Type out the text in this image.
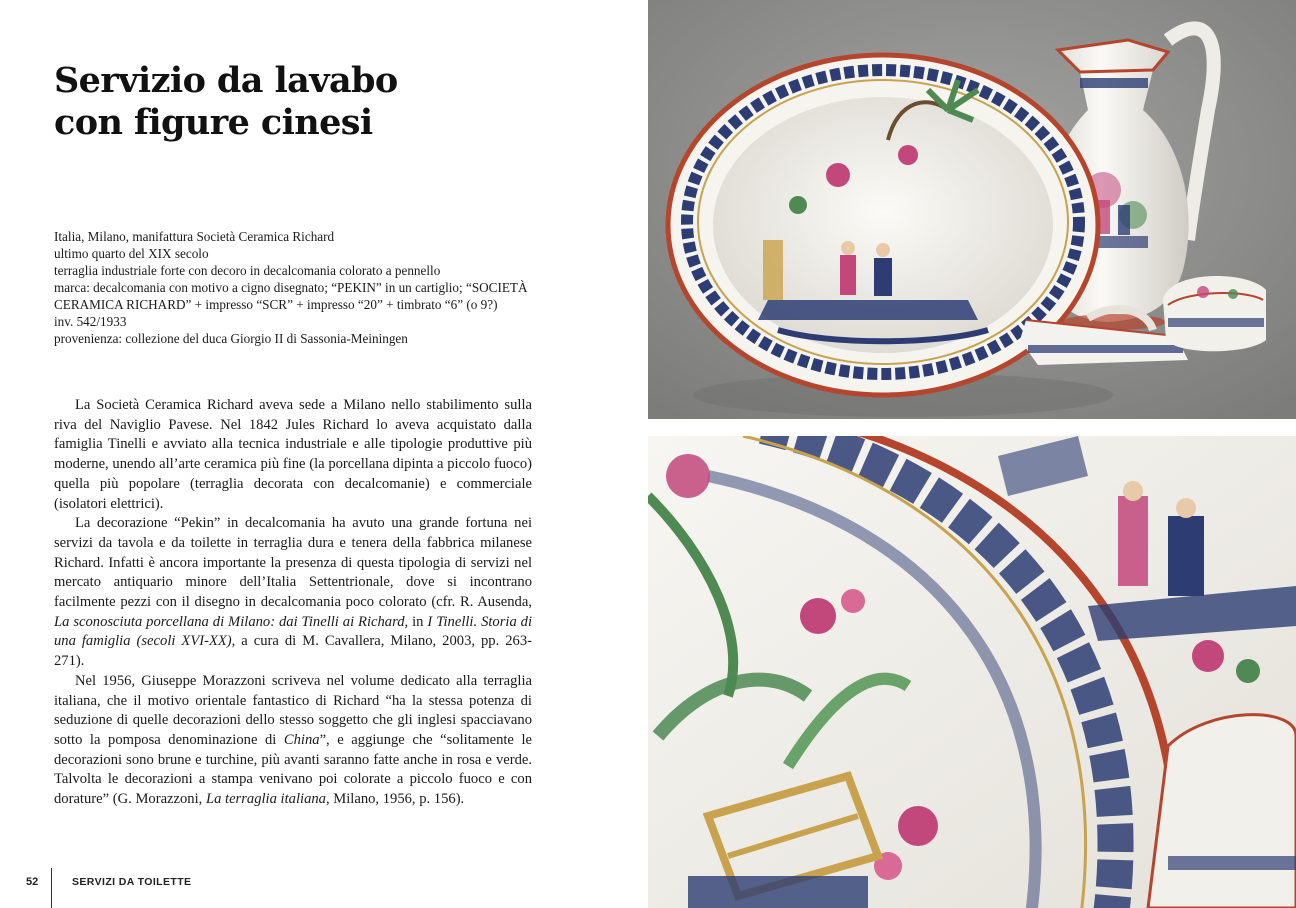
Servizio da lavabo
con figure cinesi
Italia, Milano, manifattura Società Ceramica Richard
ultimo quarto del XIX secolo
terraglia industriale forte con decoro in decalcomania colorato a pennello
marca: decalcomania con motivo a cigno disegnato; “PEKIN” in un cartiglio; “SOCIETÀ
CERAMICA RICHARD” + impresso “SCR” + impresso “20” + timbrato “6” (o 9?)
inv. 542/1933
provenienza: collezione del duca Giorgio II di Sassonia-Meiningen

La Società Ceramica Richard aveva sede a Milano nello stabilimento sulla riva del Naviglio Pavese. Nel 1842 Jules Richard lo aveva acquistato dalla famiglia Tinelli e avviato alla tecnica industriale e alle tipologie produttive più moderne, unendo all’arte ceramica più fine (la porcellana dipinta a piccolo fuoco) quella più popolare (terraglia decorata con decalcomanie) e commerciale (isolatori elettrici).

La decorazione “Pekin” in decalcomania ha avuto una grande fortuna nei servizi da tavola e da toilette in terraglia dura e tenera della fabbrica milanese Richard. Infatti è ancora importante la presenza di questa tipologia di servizi nel mercato antiquario minore dell’Italia Settentrionale, dove si incontrano facilmente pezzi con il disegno in decalcomania poco colorato (cfr. R. Ausenda, La sconosciuta porcellana di Milano: dai Tinelli ai Richard, in I Tinelli. Storia di una famiglia (secoli XVI-XX), a cura di M. Cavallera, Milano, 2003, pp. 263-271).

Nel 1956, Giuseppe Morazzoni scriveva nel volume dedicato alla terraglia italiana, che il motivo orientale fantastico di Richard “ha la stessa potenza di seduzione di quelle decorazioni dello stesso soggetto che gli inglesi spacciavano sotto la pomposa denominazione di China”, e aggiunge che “solitamente le decorazioni sono brune e turchine, più avanti saranno fatte anche in rosa e verde. Talvolta le decorazioni a stampa venivano poi colorate a piccolo fuoco e con dorature” (G. Morazzoni, La terraglia italiana, Milano, 1956, p. 156).

52	SERVIZI DA TOILETTE
